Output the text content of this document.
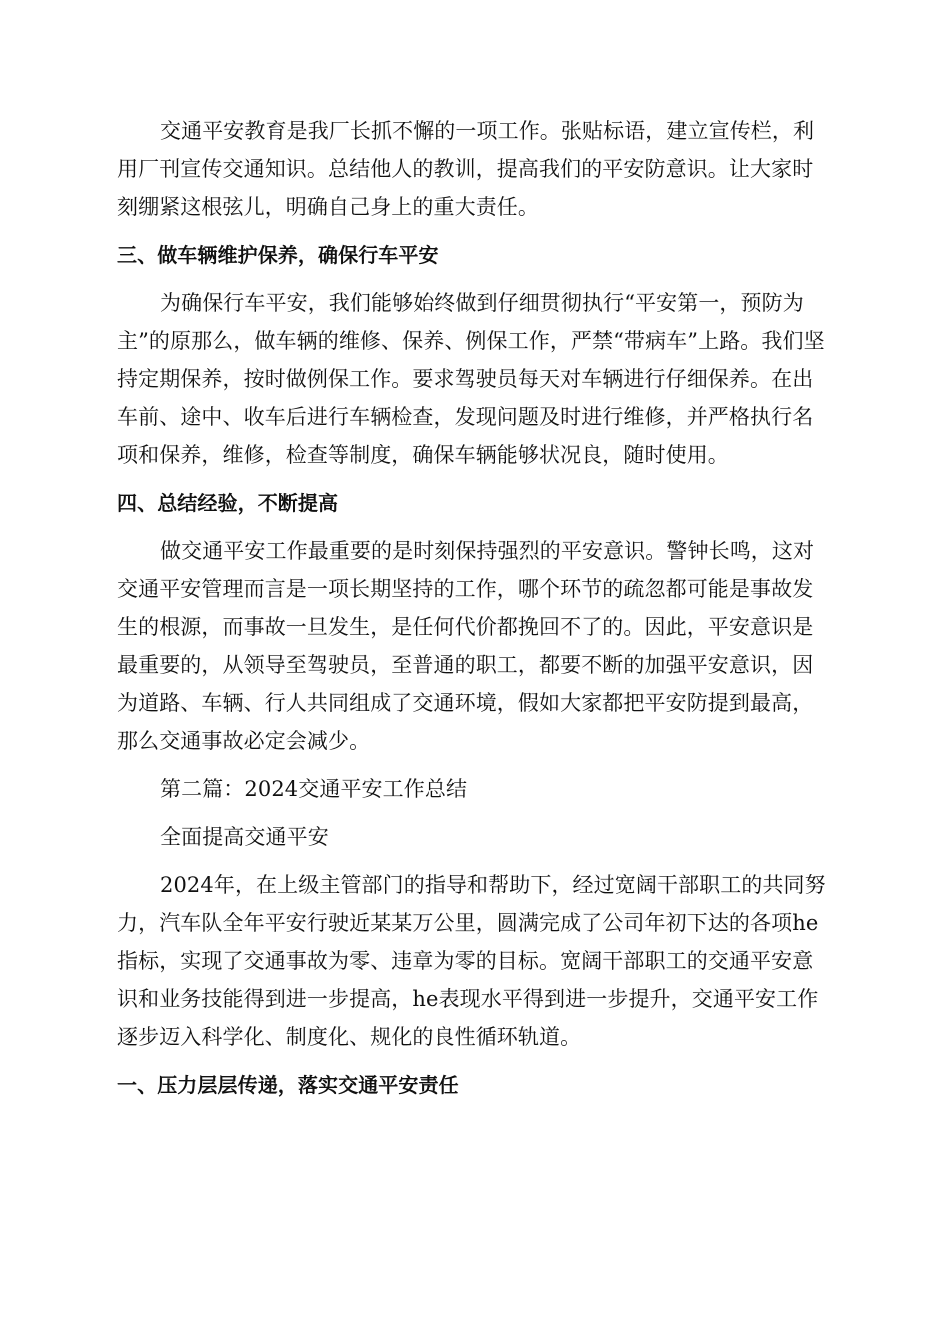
交通平安教育是我厂长抓不懈的一项工作。张贴标语，建立宣传栏，利用厂刊宣传交通知识。总结他人的教训，提高我们的平安防意识。让大家时刻绷紧这根弦儿，明确自己身上的重大责任。

三、做车辆维护保养，确保行车平安

为确保行车平安，我们能够始终做到仔细贯彻执行“平安第一，预防为主”的原那么，做车辆的维修、保养、例保工作，严禁“带病车”上路。我们坚持定期保养，按时做例保工作。要求驾驶员每天对车辆进行仔细保养。在出车前、途中、收车后进行车辆检查，发现问题及时进行维修，并严格执行名项和保养，维修，检查等制度，确保车辆能够状况良，随时使用。

四、总结经验，不断提高

做交通平安工作最重要的是时刻保持强烈的平安意识。警钟长鸣，这对交通平安管理而言是一项长期坚持的工作，哪个环节的疏忽都可能是事故发生的根源，而事故一旦发生，是任何代价都挽回不了的。因此，平安意识是最重要的，从领导至驾驶员，至普通的职工，都要不断的加强平安意识，因为道路、车辆、行人共同组成了交通环境，假如大家都把平安防提到最高，那么交通事故必定会减少。

第二篇：2024交通平安工作总结

全面提高交通平安

2024年，在上级主管部门的指导和帮助下，经过宽阔干部职工的共同努力，汽车队全年平安行驶近某某万公里，圆满完成了公司年初下达的各项he指标，实现了交通事故为零、违章为零的目标。宽阔干部职工的交通平安意识和业务技能得到进一步提高，he表现水平得到进一步提升，交通平安工作逐步迈入科学化、制度化、规化的良性循环轨道。

一、压力层层传递，落实交通平安责任
